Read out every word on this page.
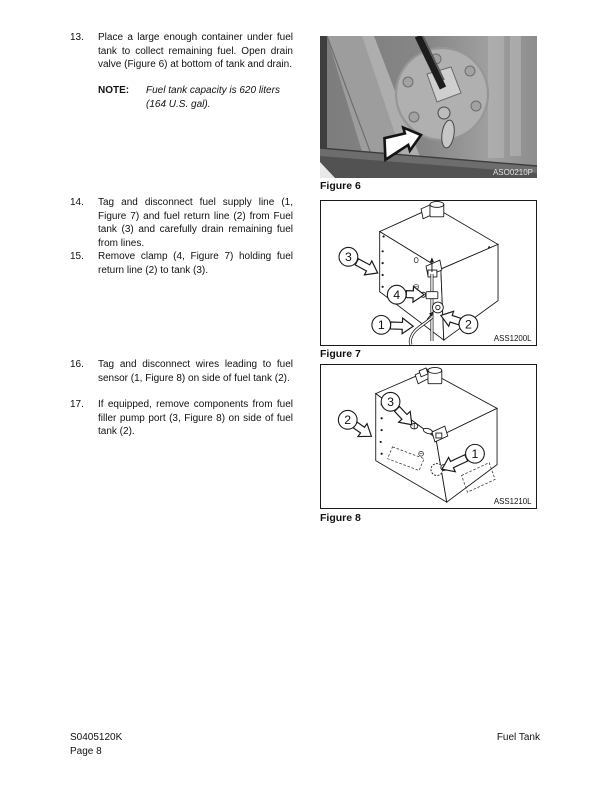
13.	Place a large enough container under fuel tank to collect remaining fuel. Open drain valve (Figure 6) at bottom of tank and drain.

NOTE:	Fuel tank capacity is 620 liters (164 U.S. gal).

14.	Tag and disconnect fuel supply line (1, Figure 7) and fuel return line (2) from Fuel tank (3) and carefully drain remaining fuel from lines.

15.	Remove clamp (4, Figure 7) holding fuel return line (2) to tank (3).

16.	Tag and disconnect wires leading to fuel sensor (1, Figure 8) on side of fuel tank (2).

17.	If equipped, remove components from fuel filler pump port (3, Figure 8) on side of fuel tank (2).

ASO0210P
Figure 6
3
4
1	2
ASS1200L
Figure 7
2
3
1
ASS1210L
Figure 8
S0405120K
Page 8
Fuel Tank
